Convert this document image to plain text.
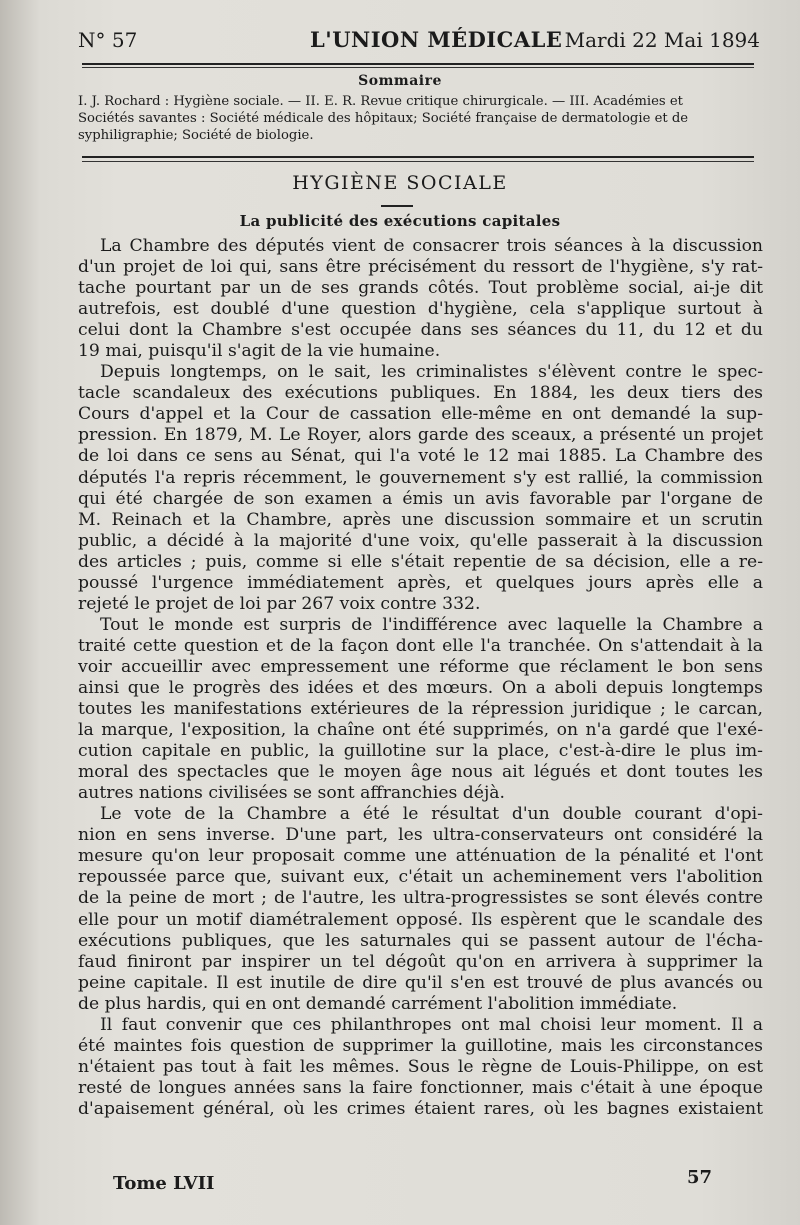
N° 57	L'UNION MÉDICALE Mardi 22 Mai 1894
Sommaire
I. J. Rochard : Hygiène sociale. — II. E. R. Revue critique chirurgicale. — III. Académies et
Sociétés savantes : Société médicale des hôpitaux; Société française de dermatologie et de
syphiligraphie; Société de biologie.
HYGIÈNE SOCIALE
La publicité des exécutions capitales
La Chambre des députés vient de consacrer trois séances à la discussion
d'un projet de loi qui, sans être précisément du ressort de l'hygiène, s'y rat-
tache pourtant par un de ses grands côtés. Tout problème social, ai-je dit
autrefois, est doublé d'une question d'hygiène, cela s'applique surtout à
celui dont la Chambre s'est occupée dans ses séances du 11, du 12 et du
19 mai, puisqu'il s'agit de la vie humaine.
Depuis longtemps, on le sait, les criminalistes s'élèvent contre le spec-
tacle scandaleux des exécutions publiques. En 1884, les deux tiers des
Cours d'appel et la Cour de cassation elle-même en ont demandé la sup-
pression. En 1879, M. Le Royer, alors garde des sceaux, a présenté un projet
de loi dans ce sens au Sénat, qui l'a voté le 12 mai 1885. La Chambre des
députés l'a repris récemment, le gouvernement s'y est rallié, la commission
qui été chargée de son examen a émis un avis favorable par l'organe de
M. Reinach et la Chambre, après une discussion sommaire et un scrutin
public, a décidé à la majorité d'une voix, qu'elle passerait à la discussion
des articles ; puis, comme si elle s'était repentie de sa décision, elle a re-
poussé l'urgence immédiatement après, et quelques jours après elle a
rejeté le projet de loi par 267 voix contre 332.
Tout le monde est surpris de l'indifférence avec laquelle la Chambre a
traité cette question et de la façon dont elle l'a tranchée. On s'attendait à la
voir accueillir avec empressement une réforme que réclament le bon sens
ainsi que le progrès des idées et des mœurs. On a aboli depuis longtemps
toutes les manifestations extérieures de la répression juridique ; le carcan,
la marque, l'exposition, la chaîne ont été supprimés, on n'a gardé que l'exé-
cution capitale en public, la guillotine sur la place, c'est-à-dire le plus im-
moral des spectacles que le moyen âge nous ait légués et dont toutes les
autres nations civilisées se sont affranchies déjà.
Le vote de la Chambre a été le résultat d'un double courant d'opi-
nion en sens inverse. D'une part, les ultra-conservateurs ont considéré la
mesure qu'on leur proposait comme une atténuation de la pénalité et l'ont
repoussée parce que, suivant eux, c'était un acheminement vers l'abolition
de la peine de mort ; de l'autre, les ultra-progressistes se sont élevés contre
elle pour un motif diamétralement opposé. Ils espèrent que le scandale des
exécutions publiques, que les saturnales qui se passent autour de l'écha-
faud finiront par inspirer un tel dégoût qu'on en arrivera à supprimer la
peine capitale. Il est inutile de dire qu'il s'en est trouvé de plus avancés ou
de plus hardis, qui en ont demandé carrément l'abolition immédiate.
Il faut convenir que ces philanthropes ont mal choisi leur moment. Il a
été maintes fois question de supprimer la guillotine, mais les circonstances
n'étaient pas tout à fait les mêmes. Sous le règne de Louis-Philippe, on est
resté de longues années sans la faire fonctionner, mais c'était à une époque
d'apaisement général, où les crimes étaient rares, où les bagnes existaient
Tome LVII	57
